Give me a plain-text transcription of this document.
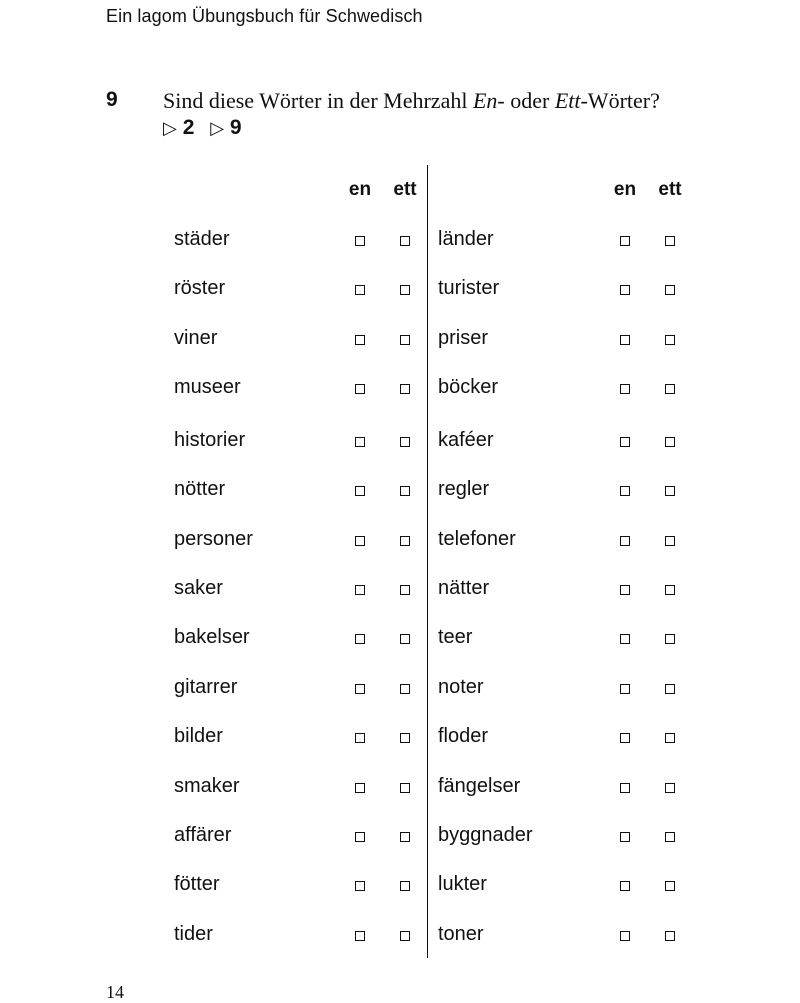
Ein lagom Übungsbuch für Schwedisch
9 Sind diese Wörter in der Mehrzahl En- oder Ett-Wörter?
▷ 2 ▷ 9
en ett	en ett
städer
röster
viner
museer
historier
nötter
personer
saker
bakelser
gitarrer
bilder
smaker
affärer
fötter
tider
länder
turister
priser
böcker
kaféer
regler
telefoner
nätter
teer
noter
floder
fängelser
byggnader
lukter
toner
14
